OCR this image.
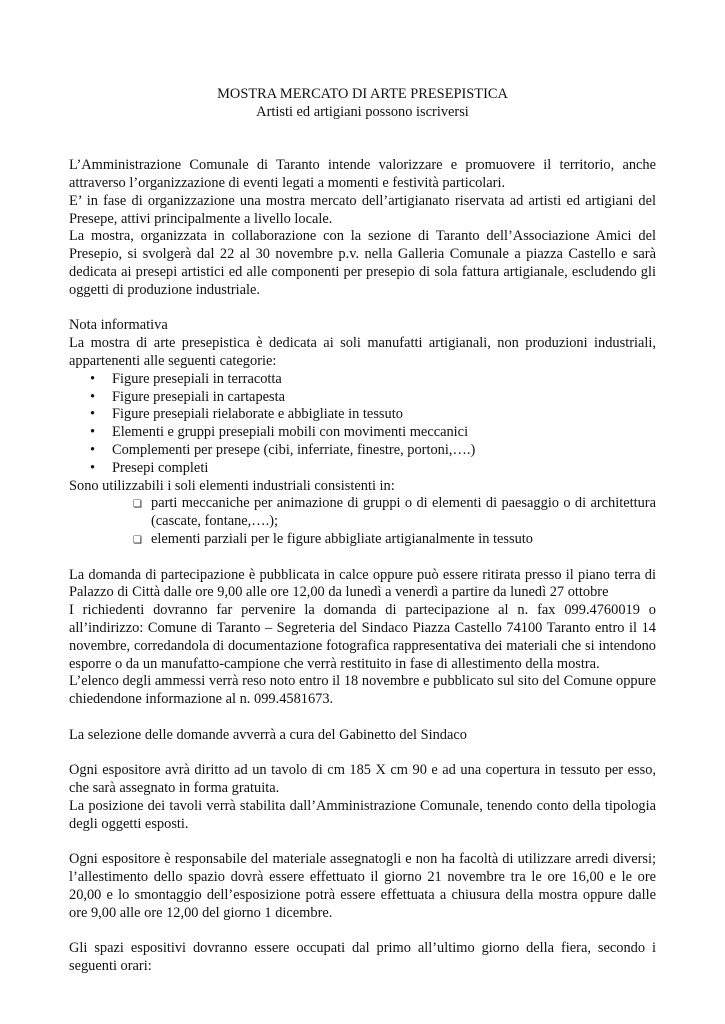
MOSTRA MERCATO DI ARTE PRESEPISTICA
Artisti ed artigiani possono iscriversi

L’Amministrazione Comunale di Taranto intende valorizzare e promuovere il territorio, anche attraverso l’organizzazione di eventi legati a momenti e festività particolari.

E’ in fase di organizzazione una mostra mercato dell’artigianato riservata ad artisti ed artigiani del Presepe, attivi principalmente a livello locale.

La mostra, organizzata in collaborazione con la sezione di Taranto dell’Associazione Amici del Presepio, si svolgerà dal 22 al 30 novembre p.v. nella Galleria Comunale a piazza Castello e sarà dedicata ai presepi artistici ed alle componenti per presepio di sola fattura artigianale, escludendo gli oggetti di produzione industriale.

Nota informativa

La mostra di arte presepistica è dedicata ai soli manufatti artigianali, non produzioni industriali, appartenenti alle seguenti categorie:

• Figure presepiali in terracotta
• Figure presepiali in cartapesta
• Figure presepiali rielaborate e abbigliate in tessuto
• Elementi e gruppi presepiali mobili con movimenti meccanici
• Complementi per presepe (cibi, inferriate, finestre, portoni,….)
• Presepi completi

Sono utilizzabili i soli elementi industriali consistenti in:

❏ parti meccaniche per animazione di gruppi o di elementi di paesaggio o di architettura (cascate, fontane,….);
❏ elementi parziali per le figure abbigliate artigianalmente in tessuto

La domanda di partecipazione è pubblicata in calce oppure può essere ritirata presso il piano terra di Palazzo di Città dalle ore 9,00 alle ore 12,00 da lunedì a venerdì a partire da lunedì 27 ottobre

I richiedenti dovranno far pervenire la domanda di partecipazione al n. fax 099.4760019 o all’indirizzo: Comune di Taranto – Segreteria del Sindaco Piazza Castello 74100 Taranto entro il 14 novembre, corredandola di documentazione fotografica rappresentativa dei materiali che si intendono esporre o da un manufatto-campione che verrà restituito in fase di allestimento della mostra.

L’elenco degli ammessi verrà reso noto entro il 18 novembre e pubblicato sul sito del Comune oppure chiedendone informazione al n. 099.4581673.

La selezione delle domande avverrà a cura del Gabinetto del Sindaco

Ogni espositore avrà diritto ad un tavolo di cm 185 X cm 90 e ad una copertura in tessuto per esso, che sarà assegnato in forma gratuita.

La posizione dei tavoli verrà stabilita dall’Amministrazione Comunale, tenendo conto della tipologia degli oggetti esposti.

Ogni espositore è responsabile del materiale assegnatogli e non ha facoltà di utilizzare arredi diversi; l’allestimento dello spazio dovrà essere effettuato il giorno 21 novembre tra le ore 16,00 e le ore 20,00 e lo smontaggio dell’esposizione potrà essere effettuata a chiusura della mostra oppure dalle ore 9,00 alle ore 12,00 del giorno 1 dicembre.

Gli spazi espositivi dovranno essere occupati dal primo all’ultimo giorno della fiera, secondo i seguenti orari:
